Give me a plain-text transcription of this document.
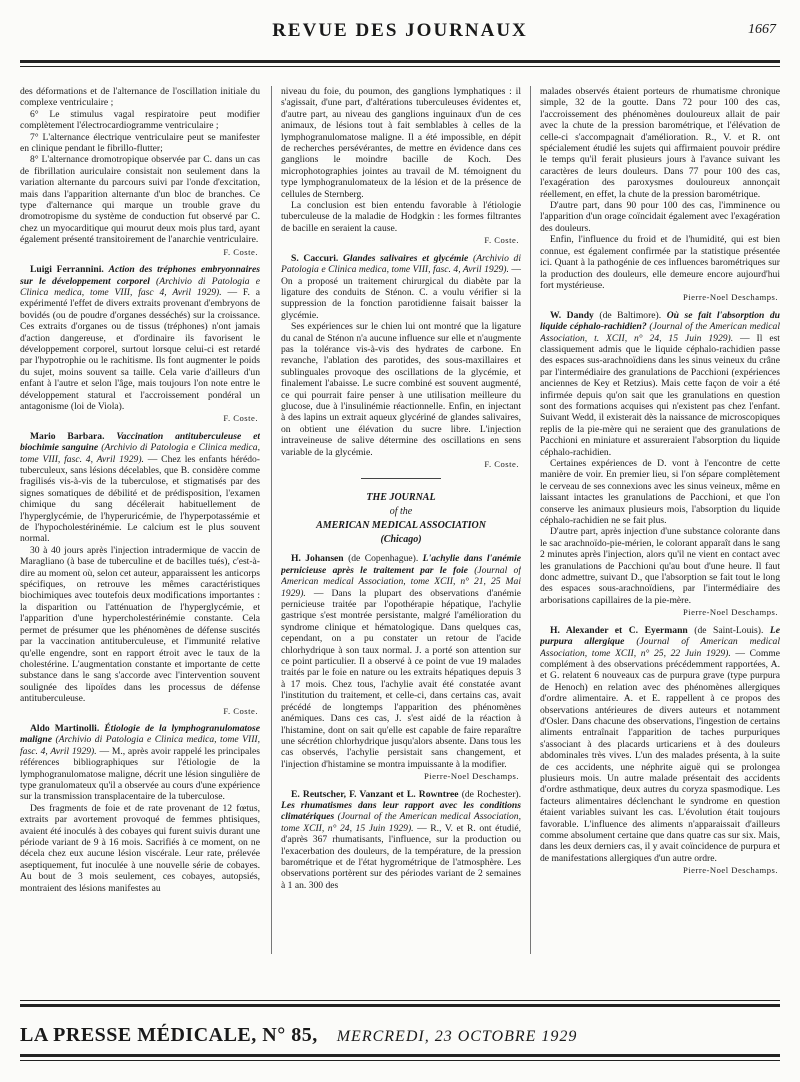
REVUE DES JOURNAUX	1667

des déformations et de l'alternance de l'oscillation initiale du complexe ventriculaire ;

6° Le stimulus vagal respiratoire peut modifier complètement l'électrocardiogramme ventriculaire ;

7° L'alternance électrique ventriculaire peut se manifester en clinique pendant le fibrillo-flutter;

8° L'alternance dromotropique observée par C. dans un cas de fibrillation auriculaire consistait non seulement dans la variation alternante du parcours suivi par l'onde d'excitation, mais dans l'apparition alternante d'un bloc de branches. Ce type d'alternance qui marque un trouble grave du dromotropisme du système de conduction fut observé par C. chez un myocarditique qui mourut deux mois plus tard, ayant également présenté transitoirement de l'anarchie ventriculaire.

F. Coste.

Luigi Ferrannini. Action des tréphones embryonnaires sur le développement corporel (Archivio di Patologia e Clinica medica, tome VIII, fasc 4, Avril 1929). — F. a expérimenté l'effet de divers extraits provenant d'embryons de bovidés (ou de poudre d'organes desséchés) sur la croissance. Ces extraits d'organes ou de tissus (tréphones) n'ont jamais d'action dangereuse, et d'ordinaire ils favorisent le développement corporel, surtout lorsque celui-ci est retardé par l'hypotrophie ou le rachitisme. Ils font augmenter le poids du sujet, moins souvent sa taille. Cela varie d'ailleurs d'un enfant à l'autre et selon l'âge, mais toujours l'on note entre le développement statural et l'accroissement pondéral un antagonisme (loi de Viola).

F. Coste.

Mario Barbara. Vaccination antituberculeuse et biochimie sanguine (Archivio di Patologia e Clinica medica, tome VIII, fasc. 4, Avril 1929). — Chez les enfants hérédo-tuberculeux, sans lésions décelables, que B. considère comme fragilisés vis-à-vis de la tuberculose, et stigmatisés par des signes somatiques de débilité et de prédisposition, l'examen chimique du sang décélerait habituellement de l'hyperglycémie, de l'hyperuricémie, de l'hyperpotassémie et de l'hypocholestérinémie. Le calcium est le plus souvent normal.

30 à 40 jours après l'injection intradermique de vaccin de Maragliano (à base de tuberculine et de bacilles tués), c'est-à-dire au moment où, selon cet auteur, apparaissent les anticorps spécifiques, on retrouve les mêmes caractéristiques biochimiques avec toutefois deux modifications importantes : la disparition ou l'atténuation de l'hyperglycémie, et l'apparition d'une hypercholestérinémie constante. Cela permet de présumer que les phénomènes de défense suscités par la vaccination antituberculeuse, et l'immunité relative qu'elle engendre, sont en rapport étroit avec le taux de la cholestérine. L'augmentation constante et importante de cette substance dans le sang s'accorde avec l'intervention souvent soulignée des lipoïdes dans les processus de défense antituberculeuse.

F. Coste.

Aldo Martinolli. Étiologie de la lymphogranulomatose maligne (Archivio di Patologia e Clinica medica, tome VIII, fasc. 4, Avril 1929). — M., après avoir rappelé les principales références bibliographiques sur l'étiologie de la lymphogranulomatose maligne, décrit une lésion singulière de type granulomateux qu'il a observée au cours d'une expérience sur la transmission transplacentaire de la tuberculose.

Des fragments de foie et de rate provenant de 12 fœtus, extraits par avortement provoqué de femmes phtisiques, avaient été inoculés à des cobayes qui furent suivis durant une période variant de 9 à 16 mois. Sacrifiés à ce moment, on ne décela chez eux aucune lésion viscérale. Leur rate, prélevée aseptiquement, fut inoculée à une nouvelle série de cobayes. Au bout de 3 mois seulement, ces cobayes, autopsiés, montraient des lésions manifestes au

niveau du foie, du poumon, des ganglions lymphatiques : il s'agissait, d'une part, d'altérations tuberculeuses évidentes et, d'autre part, au niveau des ganglions inguinaux d'un de ces animaux, de lésions tout à fait semblables à celles de la lymphogranulomatose maligne. Il a été impossible, en dépit de recherches persévérantes, de mettre en évidence dans ces ganglions le moindre bacille de Koch. Des microphotographies jointes au travail de M. témoignent du type lymphogranulomateux de la lésion et de la présence de cellules de Sternberg.

La conclusion est bien entendu favorable à l'étiologie tuberculeuse de la maladie de Hodgkin : les formes filtrantes de bacille en seraient la cause.

F. Coste.

S. Caccuri. Glandes salivaires et glycémie (Archivio di Patologia e Clinica medica, tome VIII, fasc. 4, Avril 1929). — On a proposé un traitement chirurgical du diabète par la ligature des conduits de Sténon. C. a voulu vérifier si la suppression de la fonction parotidienne faisait baisser la glycémie.

Ses expériences sur le chien lui ont montré que la ligature du canal de Sténon n'a aucune influence sur elle et n'augmente pas la tolérance vis-à-vis des hydrates de carbone. En revanche, l'ablation des parotides, des sous-maxillaires et sublinguales provoque des oscillations de la glycémie, et finalement l'abaisse. Le sucre combiné est souvent augmenté, ce qui pourrait faire penser à une utilisation meilleure du glucose, due à l'insulinémie réactionnelle. Enfin, en injectant à des lapins un extrait aqueux glycériné de glandes salivaires, on obtient une élévation du sucre libre. L'injection intraveineuse de salive détermine des oscillations en sens variable de la glycémie.

F. Coste.
THE JOURNAL
of the
AMERICAN MEDICAL ASSOCIATION
(Chicago)

H. Johansen (de Copenhague). L'achylie dans l'anémie pernicieuse après le traitement par le foie (Journal of American medical Association, tome XCII, n° 21, 25 Mai 1929). — Dans la plupart des observations d'anémie pernicieuse traitée par l'opothérapie hépatique, l'achylie gastrique s'est montrée persistante, malgré l'amélioration du syndrome clinique et hématologique. Dans quelques cas, cependant, on a pu constater un retour de l'acide chlorhydrique à son taux normal. J. a porté son attention sur ce point particulier. Il a observé à ce point de vue 19 malades traités par le foie en nature ou les extraits hépatiques depuis 3 à 17 mois. Chez tous, l'achylie avait été constatée avant l'institution du traitement, et celle-ci, dans certains cas, avait précédé de longtemps l'apparition des phénomènes anémiques. Dans ces cas, J. s'est aidé de la réaction à l'histamine, dont on sait qu'elle est capable de faire reparaître une sécrétion chlorhydrique jusqu'alors absente. Dans tous les cas observés, l'achylie persistait sans changement, et l'injection d'histamine se montra impuissante à la modifier.

Pierre-Noel Deschamps.

E. Reutscher, F. Vanzant et L. Rowntree (de Rochester). Les rhumatismes dans leur rapport avec les conditions climatériques (Journal of the American medical Association, tome XCII, n° 24, 15 Juin 1929). — R., V. et R. ont étudié, d'après 367 rhumatisants, l'influence, sur la production ou l'exacerbation des douleurs, de la température, de la pression barométrique et de l'état hygrométrique de l'atmosphère. Les observations portèrent sur des périodes variant de 2 semaines à 1 an. 300 des

malades observés étaient porteurs de rhumatisme chronique simple, 32 de la goutte. Dans 72 pour 100 des cas, l'accroissement des phénomènes douloureux allait de pair avec la chute de la pression barométrique, et l'élévation de celle-ci s'accompagnait d'amélioration. R., V. et R. ont spécialement étudié les sujets qui affirmaient pouvoir prédire le temps qu'il ferait plusieurs jours à l'avance suivant les caractères de leurs douleurs. Dans 77 pour 100 des cas, l'exagération des paroxysmes douloureux annonçait réellement, en effet, la chute de la pression barométrique.

D'autre part, dans 90 pour 100 des cas, l'imminence ou l'apparition d'un orage coïncidait également avec l'exagération des douleurs.

Enfin, l'influence du froid et de l'humidité, qui est bien connue, est également confirmée par la statistique présentée ici. Quant à la pathogénie de ces influences barométriques sur la production des douleurs, elle demeure encore aujourd'hui fort mystérieuse.

Pierre-Noel Deschamps.

W. Dandy (de Baltimore). Où se fait l'absorption du liquide céphalo-rachidien? (Journal of the American medical Association, t. XCII, n° 24, 15 Juin 1929). — Il est classiquement admis que le liquide céphalo-rachidien passe des espaces sus-arachnoïdiens dans les sinus veineux du crâne par l'intermédiaire des granulations de Pacchioni (expériences anciennes de Key et Retzius). Mais cette façon de voir a été infirmée depuis qu'on sait que les granulations en question sont des formations acquises qui n'existent pas chez l'enfant. Suivant Wedd, il existerait dès la naissance de microscopiques replis de la pie-mère qui ne seraient que des granulations de Pacchioni en miniature et assureraient l'absorption du liquide céphalo-rachidien.

Certaines expériences de D. vont à l'encontre de cette manière de voir. En premier lieu, si l'on sépare complètement le cerveau de ses connexions avec les sinus veineux, même en laissant intactes les granulations de Pacchioni, et que l'on conserve les animaux plusieurs mois, l'absorption du liquide céphalo-rachidien ne se fait plus.

D'autre part, après injection d'une substance colorante dans le sac arachnoïdo-pie-mérien, le colorant apparaît dans le sang 2 minutes après l'injection, alors qu'il ne vient en contact avec les granulations de Pacchioni qu'au bout d'une heure. Il faut donc admettre, suivant D., que l'absorption se fait tout le long des espaces sous-arachnoïdiens, par l'intermédiaire des arborisations capillaires de la pie-mère.

Pierre-Noel Deschamps.

H. Alexander et C. Eyermann (de Saint-Louis). Le purpura allergique (Journal of American medical Association, tome XCII, n° 25, 22 Juin 1929). — Comme complément à des observations précédemment rapportées, A. et G. relatent 6 nouveaux cas de purpura grave (type purpura de Henoch) en relation avec des phénomènes allergiques d'ordre alimentaire. A. et E. rappellent à ce propos des observations antérieures de divers auteurs et notamment d'Osler. Dans chacune des observations, l'ingestion de certains aliments entraînait l'apparition de taches purpuriques s'associant à des placards urticariens et à des douleurs abdominales très vives. L'un des malades présenta, à la suite de ces accidents, une néphrite aiguë qui se prolongea plusieurs mois. Un autre malade présentait des accidents d'ordre asthmatique, deux autres du coryza spasmodique. Les facteurs alimentaires déclenchant le syndrome en question étaient variables suivant les cas. L'évolution était toujours favorable. L'influence des aliments n'apparaissait d'ailleurs comme absolument certaine que dans quatre cas sur six. Mais, dans les deux derniers cas, il y avait coïncidence de purpura et de manifestations allergiques d'un autre ordre.

Pierre-Noel Deschamps.
LA PRESSE MÉDICALE, N° 85, MERCREDI, 23 OCTOBRE 1929
